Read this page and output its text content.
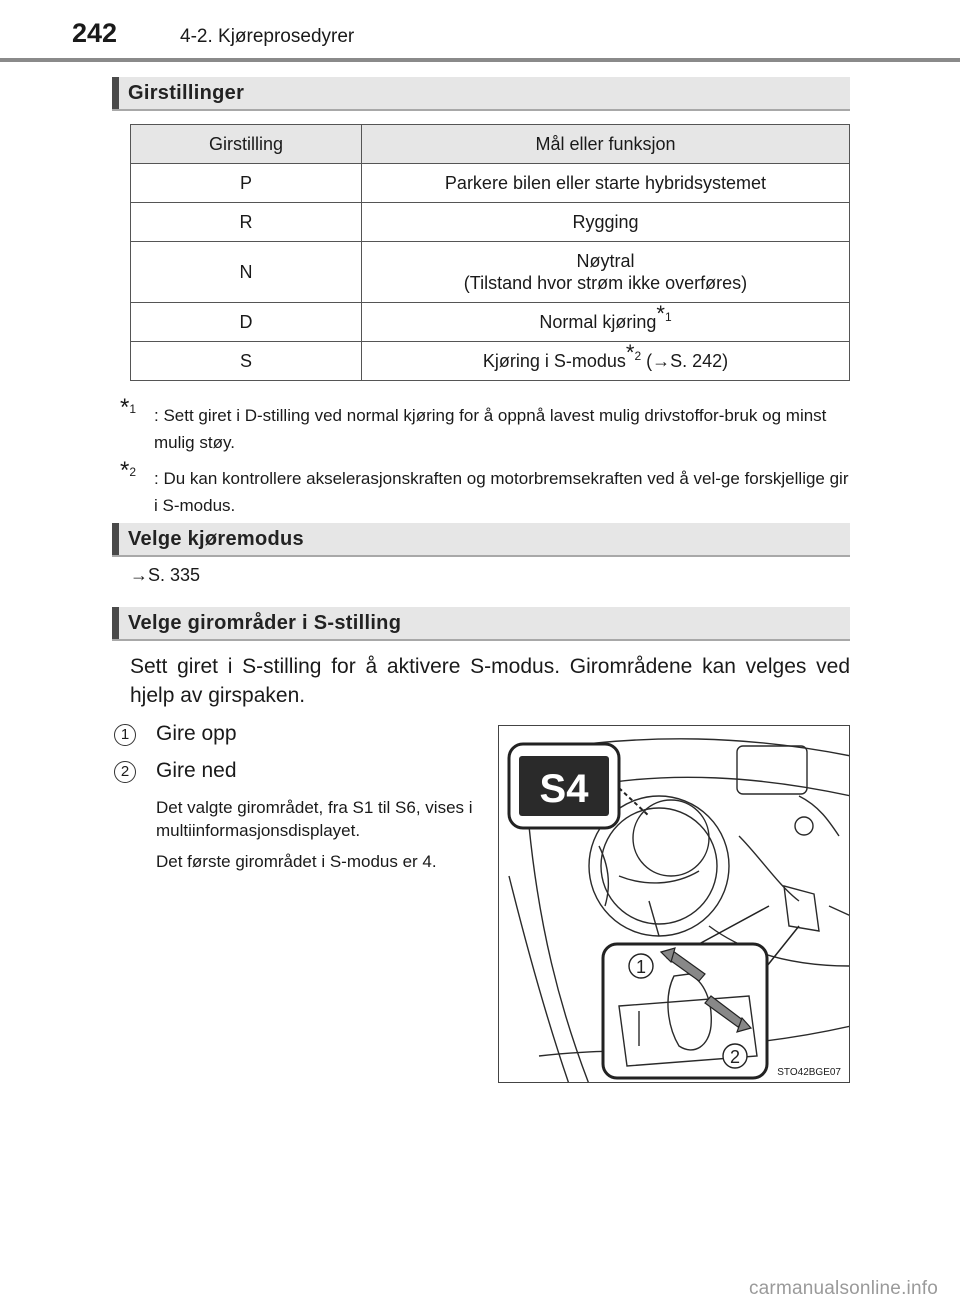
242	4-2. Kjøreprosedyrer
Girstillinger
Girstilling	Mål eller funksjon
P	Parkere bilen eller starte hybridsystemet
R	Rygging
N	Nøytral
(Tilstand hvor strøm ikke overføres)
D	Normal kjøring$^{*1}$
S	Kjøring i S-modus$^{*2}$ (→S. 242)
*1 : Sett giret i D-stilling ved normal kjøring for å oppnå lavest mulig drivstoffor-bruk og minst mulig støy.
*2 : Du kan kontrollere akselerasjonskraften og motorbremsekraften ved å vel-ge forskjellige gir i S-modus.
Velge kjøremodus
→S. 335
Velge girområder i S-stilling
Sett giret i S-stilling for å aktivere S-modus. Girområdene kan velges ved hjelp av girspaken.
1	Gire opp
2	Gire ned
Det valgte girområdet, fra S1 til S6, vises i multiinformasjonsdisplayet.
Det første girområdet i S-modus er 4.
S4
1
2
STO42BGE07
carmanualsonline.info
